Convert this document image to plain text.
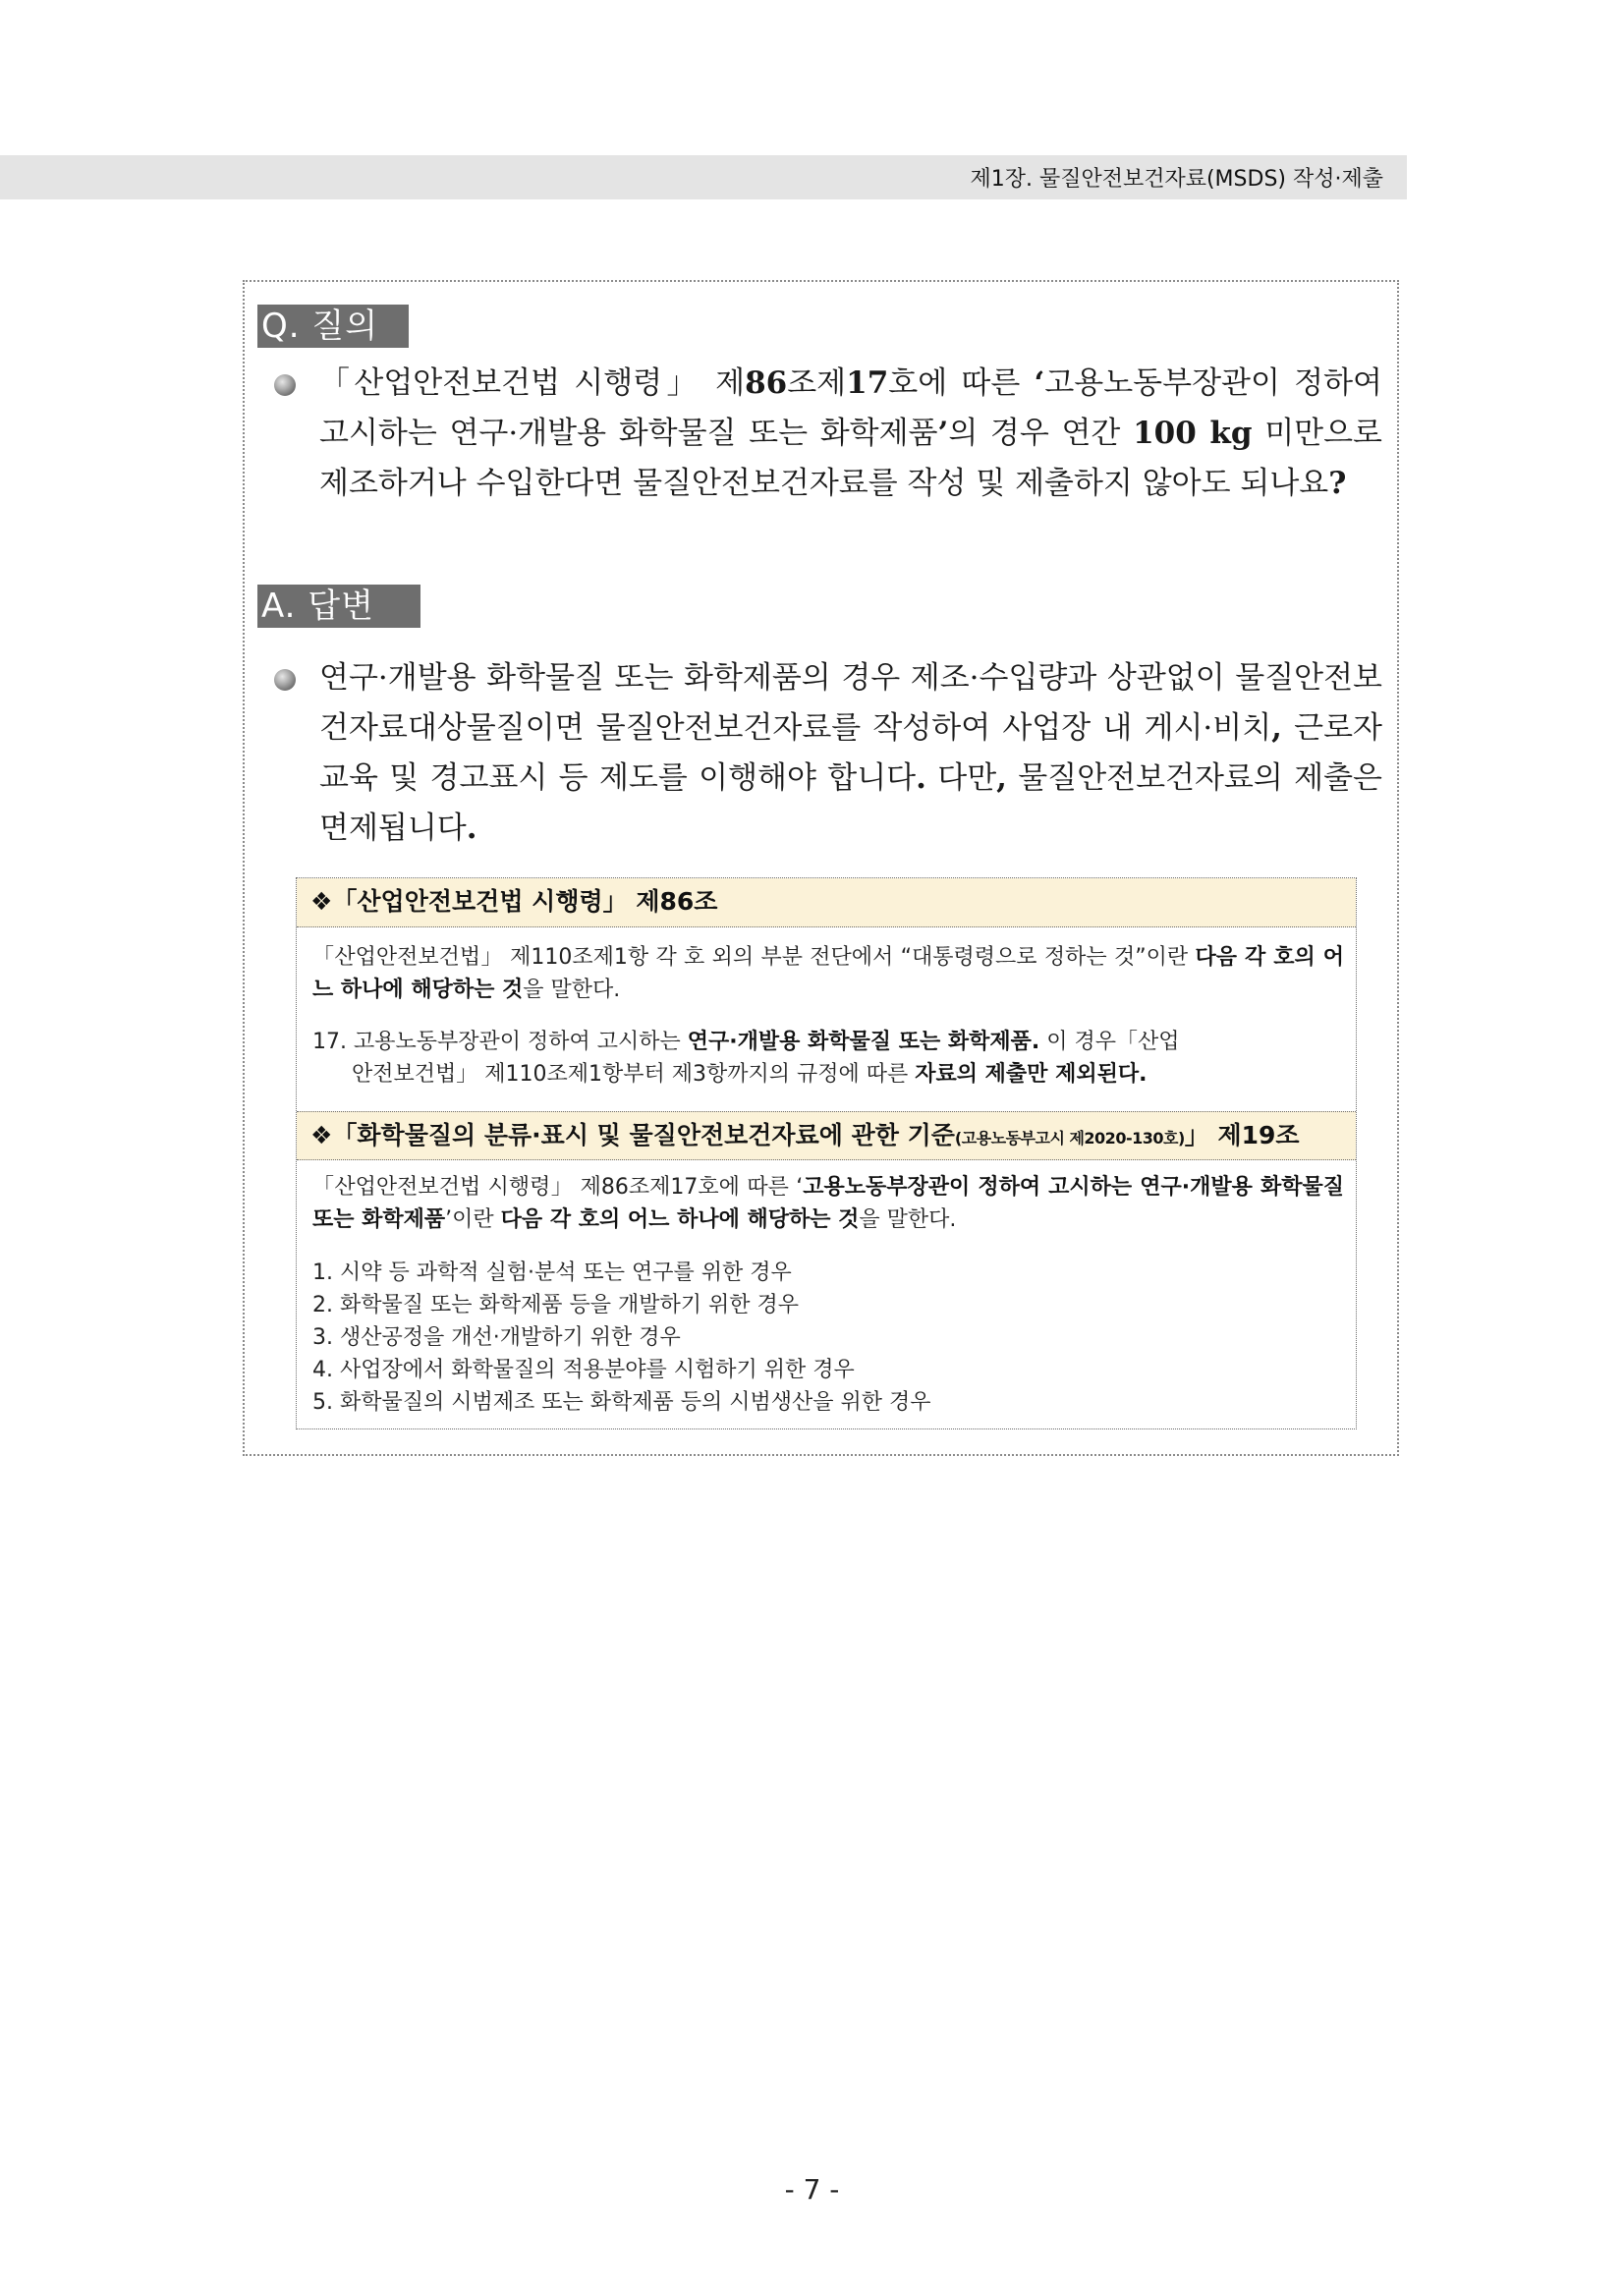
제1장. 물질안전보건자료(MSDS) 작성·제출
Q. 질의
「산업안전보건법 시행령」 제86조제17호에 따른 ‘고용노동부장관이 정하여 고시하는 연구·개발용 화학물질 또는 화학제품’의 경우 연간 100 kg 미만으로 제조하거나 수입한다면 물질안전보건자료를 작성 및 제출하지 않아도 되나요?
A. 답변
연구·개발용 화학물질 또는 화학제품의 경우 제조·수입량과 상관없이 물질안전보건자료대상물질이면 물질안전보건자료를 작성하여 사업장 내 게시·비치, 근로자 교육 및 경고표시 등 제도를 이행해야 합니다. 다만, 물질안전보건자료의 제출은 면제됩니다.
❖「산업안전보건법 시행령」 제86조
「산업안전보건법」 제110조제1항 각 호 외의 부분 전단에서 “대통령령으로 정하는 것”이란 다음 각 호의 어느 하나에 해당하는 것을 말한다.
17. 고용노동부장관이 정하여 고시하는 연구·개발용 화학물질 또는 화학제품. 이 경우「산업
안전보건법」 제110조제1항부터 제3항까지의 규정에 따른 자료의 제출만 제외된다.
❖「화학물질의 분류·표시 및 물질안전보건자료에 관한 기준(고용노동부고시 제2020-130호)」 제19조
「산업안전보건법 시행령」 제86조제17호에 따른 ‘고용노동부장관이 정하여 고시하는 연구·개발용 화학물질 또는 화학제품’이란 다음 각 호의 어느 하나에 해당하는 것을 말한다.
1. 시약 등 과학적 실험·분석 또는 연구를 위한 경우
2. 화학물질 또는 화학제품 등을 개발하기 위한 경우
3. 생산공정을 개선·개발하기 위한 경우
4. 사업장에서 화학물질의 적용분야를 시험하기 위한 경우
5. 화학물질의 시범제조 또는 화학제품 등의 시범생산을 위한 경우
- 7 -
